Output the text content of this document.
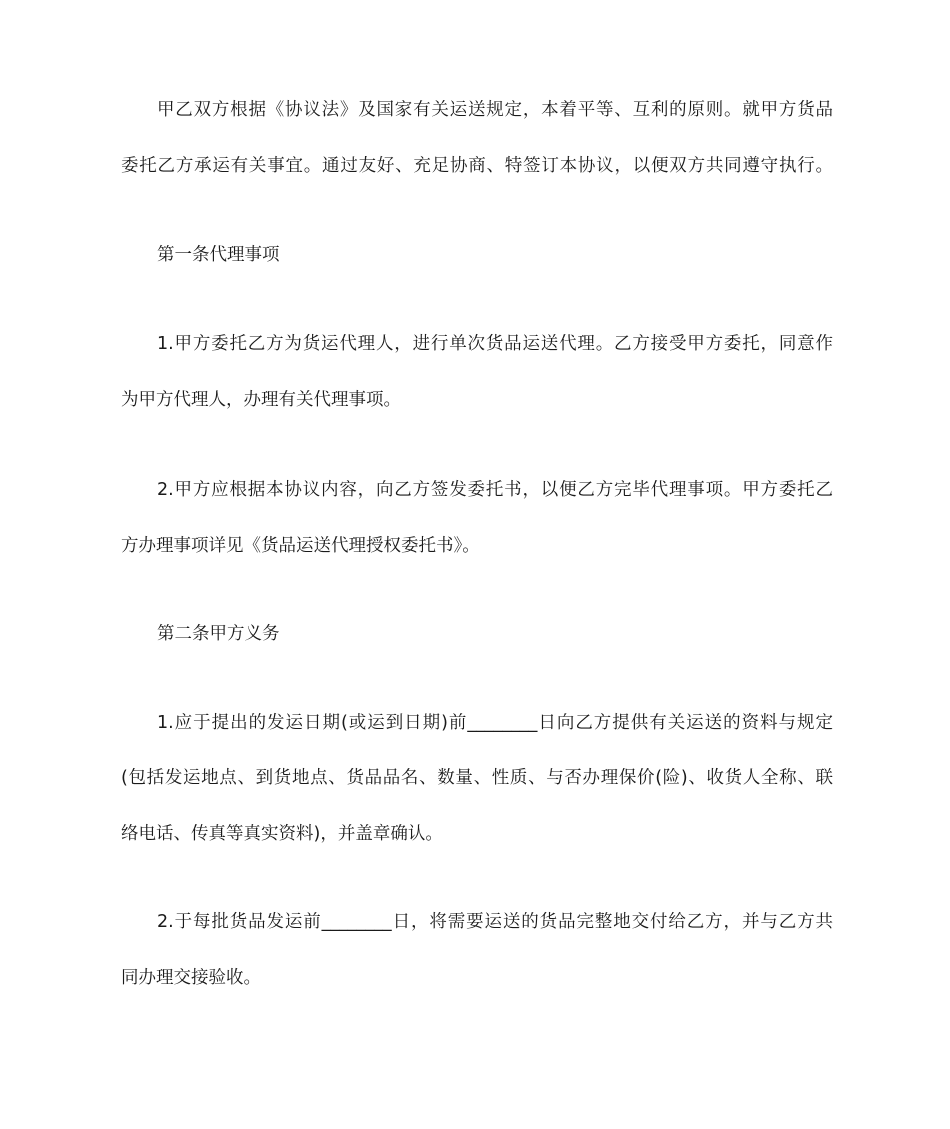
甲乙双方根据《协议法》及国家有关运送规定，本着平等、互利的原则。就甲方货品
委托乙方承运有关事宜。通过友好、充足协商、特签订本协议，以便双方共同遵守执行。
第一条代理事项
1.甲方委托乙方为货运代理人，进行单次货品运送代理。乙方接受甲方委托，同意作
为甲方代理人，办理有关代理事项。
2.甲方应根据本协议内容，向乙方签发委托书，以便乙方完毕代理事项。甲方委托乙
方办理事项详见《货品运送代理授权委托书》。
第二条甲方义务
1.应于提出的发运日期(或运到日期)前________日向乙方提供有关运送的资料与规定
(包括发运地点、到货地点、货品品名、数量、性质、与否办理保价(险)、收货人全称、联
络电话、传真等真实资料)，并盖章确认。
2.于每批货品发运前________日，将需要运送的货品完整地交付给乙方，并与乙方共
同办理交接验收。
